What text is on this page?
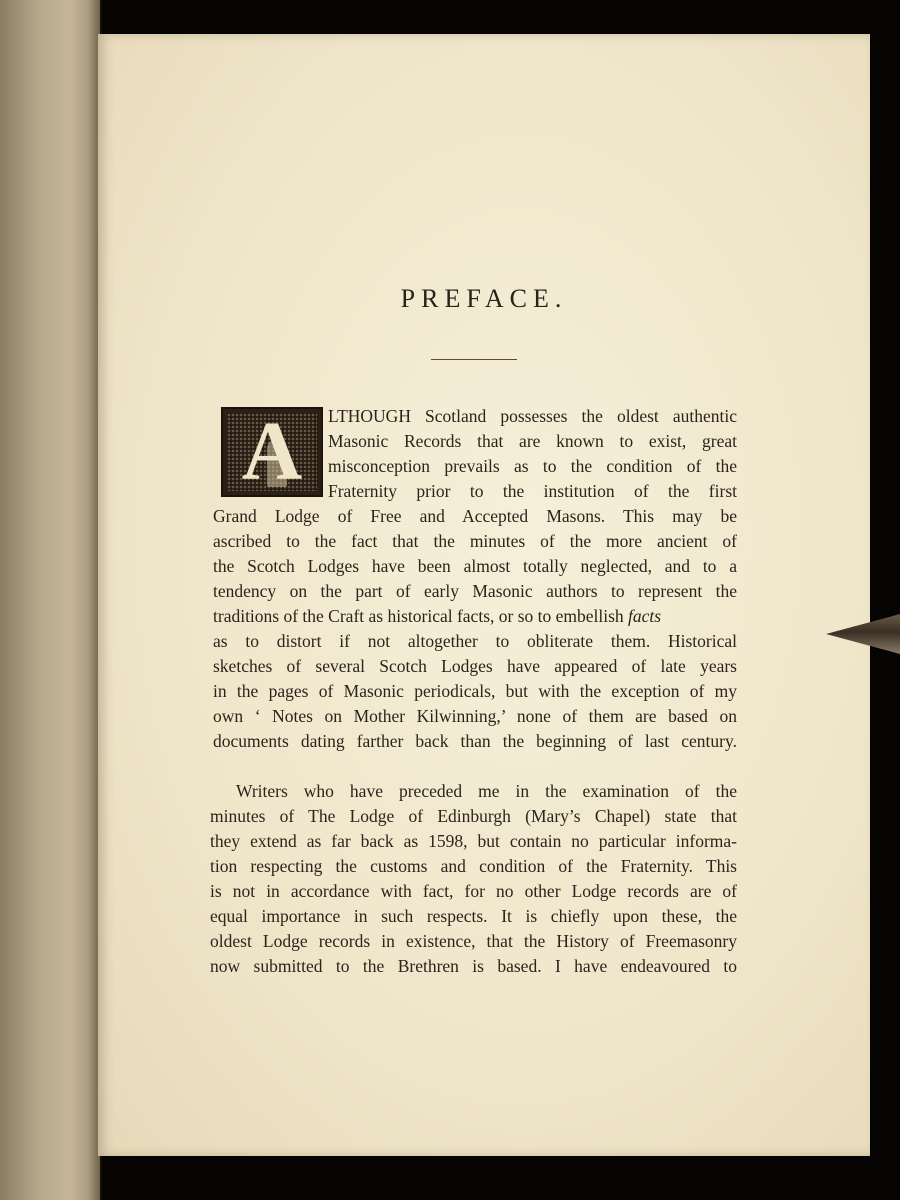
PREFACE.
A	LTHOUGH Scotland possesses the oldest authentic
Masonic Records that are known to exist, great
misconception prevails as to the condition of the
Fraternity prior to the institution of the first
Grand Lodge of Free and Accepted Masons. This may be
ascribed to the fact that the minutes of the more ancient of
the Scotch Lodges have been almost totally neglected, and to a
tendency on the part of early Masonic authors to represent the
traditions of the Craft as historical facts, or so to embellish facts
as to distort if not altogether to obliterate them. Historical
sketches of several Scotch Lodges have appeared of late years
in the pages of Masonic periodicals, but with the exception of my
own ‘ Notes on Mother Kilwinning,’ none of them are based on
documents dating farther back than the beginning of last century.
Writers who have preceded me in the examination of the
minutes of The Lodge of Edinburgh (Mary’s Chapel) state that
they extend as far back as 1598, but contain no particular informa-
tion respecting the customs and condition of the Fraternity. This
is not in accordance with fact, for no other Lodge records are of
equal importance in such respects. It is chiefly upon these, the
oldest Lodge records in existence, that the History of Freemasonry
now submitted to the Brethren is based. I have endeavoured to
